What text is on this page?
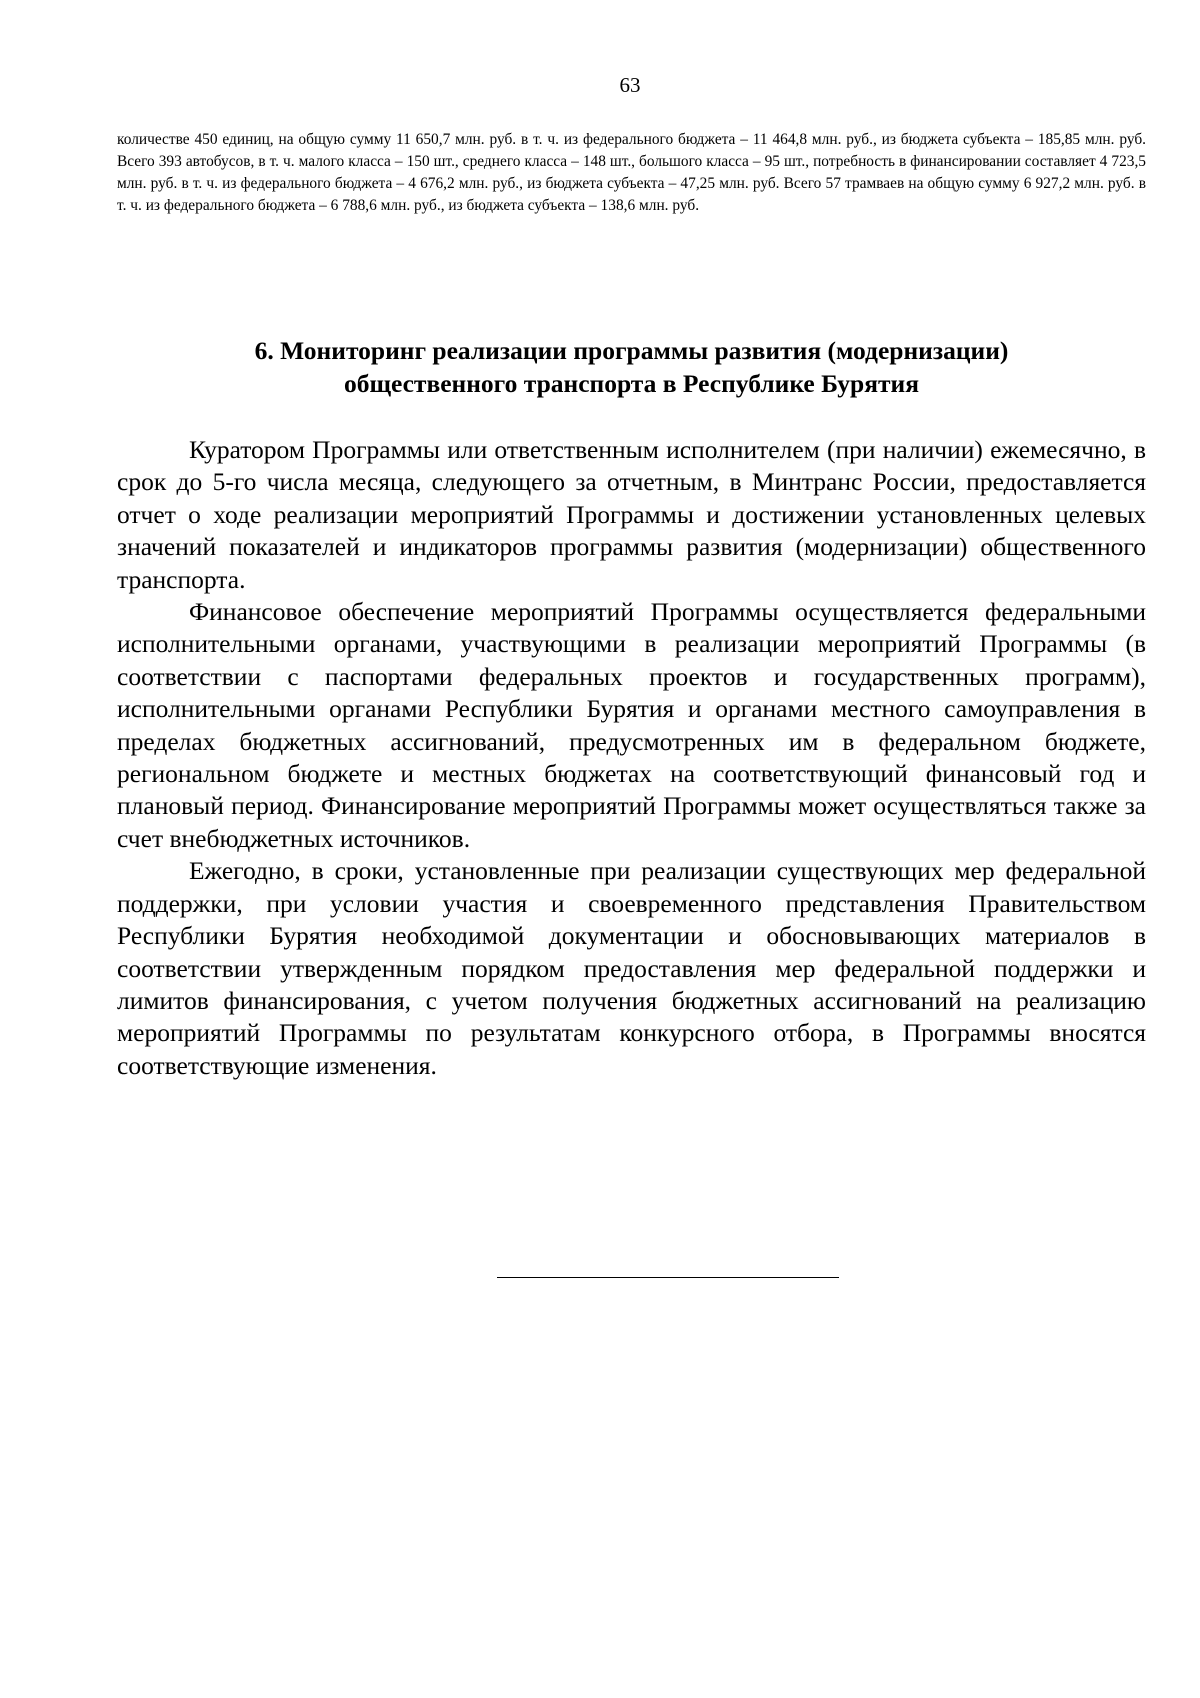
63

количестве 450 единиц, на общую сумму 11 650,7 млн. руб. в т. ч. из федерального бюджета – 11 464,8 млн. руб., из бюджета субъекта – 185,85 млн. руб. Всего 393 автобусов, в т. ч. малого класса – 150 шт., среднего класса – 148 шт., большого класса – 95 шт., потребность в финансировании составляет 4 723,5 млн. руб. в т. ч. из федерального бюджета – 4 676,2 млн. руб., из бюджета субъекта – 47,25 млн. руб. Всего 57 трамваев на общую сумму 6 927,2 млн. руб. в т. ч. из федерального бюджета – 6 788,6 млн. руб., из бюджета субъекта – 138,6 млн. руб.

6. Мониторинг реализации программы развития (модернизации)
общественного транспорта в Республике Бурятия

Куратором Программы или ответственным исполнителем (при наличии) ежемесячно, в срок до 5-го числа месяца, следующего за отчетным, в Минтранс России, предоставляется отчет о ходе реализации мероприятий Программы и достижении установленных целевых значений показателей и индикаторов программы развития (модернизации) общественного транспорта.

Финансовое обеспечение мероприятий Программы осуществляется федеральными исполнительными органами, участвующими в реализации мероприятий Программы (в соответствии с паспортами федеральных проектов и государственных программ), исполнительными органами Республики Бурятия и органами местного самоуправления в пределах бюджетных ассигнований, предусмотренных им в федеральном бюджете, региональном бюджете и местных бюджетах на соответствующий финансовый год и плановый период. Финансирование мероприятий Программы может осуществляться также за счет внебюджетных источников.

Ежегодно, в сроки, установленные при реализации существующих мер федеральной поддержки, при условии участия и своевременного представления Правительством Республики Бурятия необходимой документации и обосновывающих материалов в соответствии утвержденным порядком предоставления мер федеральной поддержки и лимитов финансирования, с учетом получения бюджетных ассигнований на реализацию мероприятий Программы по результатам конкурсного отбора, в Программы вносятся соответствующие изменения.
